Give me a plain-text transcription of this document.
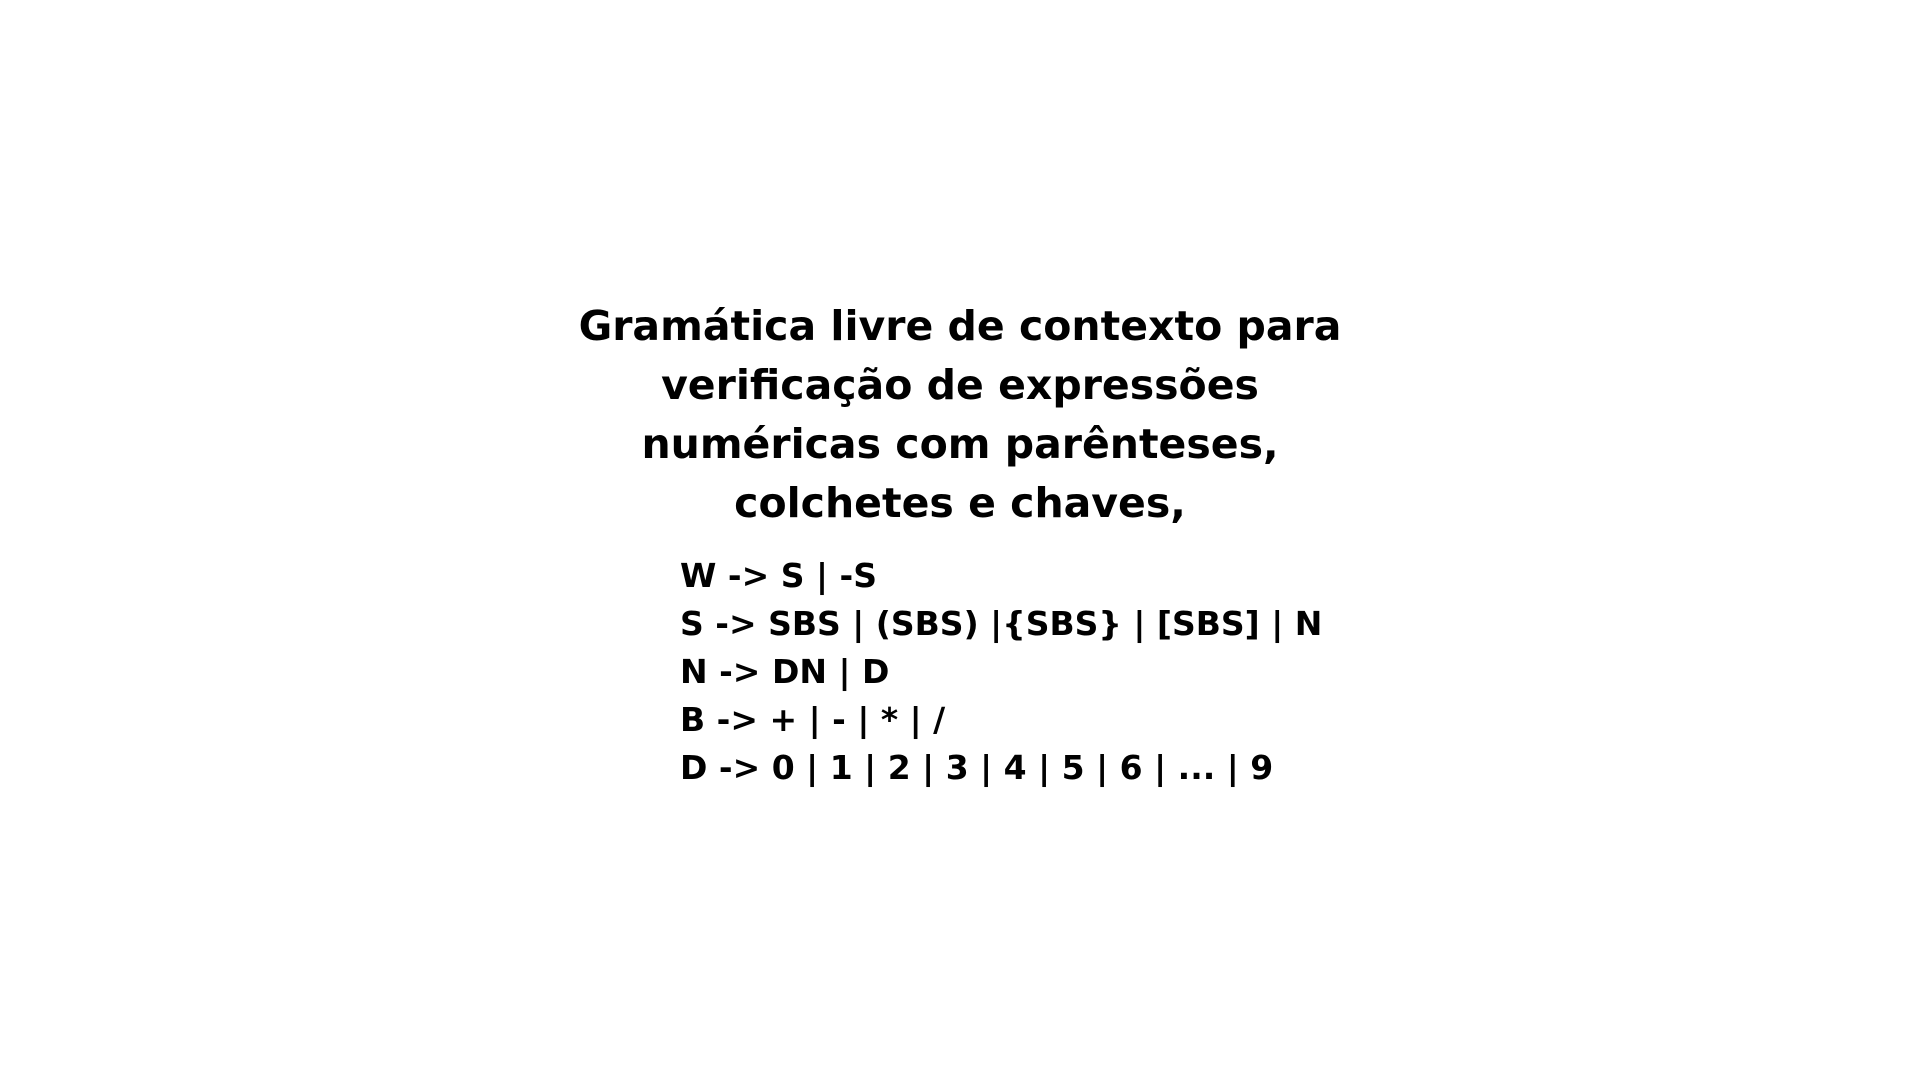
Gramática livre de contexto para
verificação de expressões
numéricas com parênteses,
colchetes e chaves,
W -> S | -S
S -> SBS | (SBS) |{SBS} | [SBS] | N
N -> DN | D
B -> + | - | * | /
D -> 0 | 1 | 2 | 3 | 4 | 5 | 6 | ... | 9
